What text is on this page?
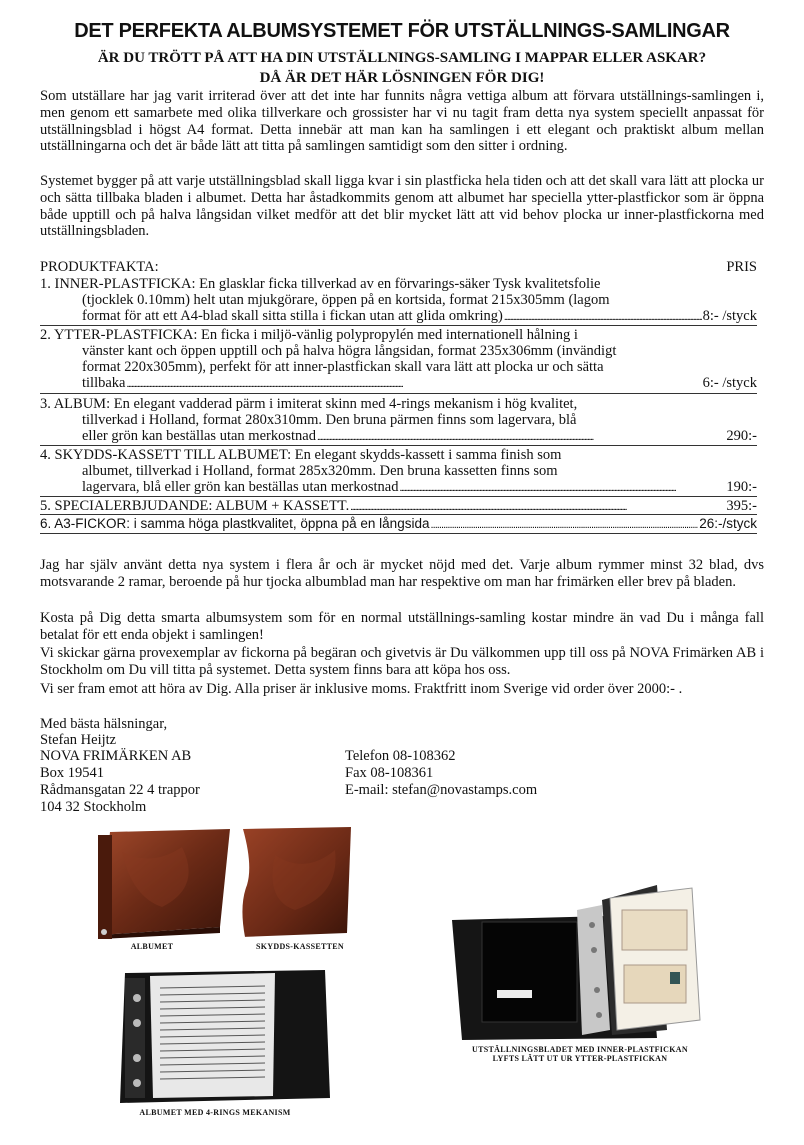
DET PERFEKTA ALBUMSYSTEMET FÖR UTSTÄLLNINGS-SAMLINGAR
ÄR DU TRÖTT PÅ ATT HA DIN UTSTÄLLNINGS-SAMLING I MAPPAR ELLER ASKAR?
DÅ ÄR DET HÄR LÖSNINGEN FÖR DIG!
Som utställare har jag varit irriterad över att det inte har funnits några vettiga album att förvara utställnings-samlingen i, men genom ett samarbete med olika tillverkare och grossister har vi nu tagit fram detta nya system speciellt anpassat för utställningsblad i högst A4 format. Detta innebär att man kan ha samlingen i ett elegant och praktiskt album mellan utställningarna och det är både lätt att titta på samlingen samtidigt som den sitter i ordning.
Systemet bygger på att varje utställningsblad skall ligga kvar i sin plastficka hela tiden och att det skall vara lätt att plocka ur och sätta tillbaka bladen i albumet. Detta har åstadkommits genom att albumet har speciella ytter-plastfickor som är öppna både upptill och på halva långsidan vilket medför att det blir mycket lätt att vid behov plocka ur inner-plastfickorna med utställningsbladen.
PRODUKTFAKTA:	PRIS
1. INNER-PLASTFICKA: En glasklar ficka tillverkad av en förvarings-säker Tysk kvalitetsfolie
(tjocklek 0.10mm) helt utan mjukgörare, öppen på en kortsida, format 215x305mm (lagom
format för att ett A4-blad skall sitta stilla i fickan utan att glida omkring) . . .	8:- /styck
2. YTTER-PLASTFICKA: En ficka i miljö-vänlig polypropylén med internationell hålning i
vänster kant och öppen upptill och på halva högra långsidan, format 235x306mm (invändigt
format 220x305mm), perfekt för att inner-plastfickan skall vara lätt att plocka ur och sätta
tillbaka . . .	6:- /styck
3. ALBUM: En elegant vadderad pärm i imiterat skinn med 4-rings mekanism i hög kvalitet,
tillverkad i Holland, format 280x310mm. Den bruna pärmen finns som lagervara, blå
eller grön kan beställas utan merkostnad . . .	290:-
4. SKYDDS-KASSETT TILL ALBUMET: En elegant skydds-kassett i samma finish som
albumet, tillverkad i Holland, format 285x320mm. Den bruna kassetten finns som
lagervara, blå eller grön kan beställas utan merkostnad . . .	190:-
5. SPECIALERBJUDANDE: ALBUM + KASSETT. . . .	395:-
6. A3-FICKOR: i samma höga plastkvalitet, öppna på en långsida . . .	26:-/styck
Jag har själv använt detta nya system i flera år och är mycket nöjd med det. Varje album rymmer minst 32 blad, dvs motsvarande 2 ramar, beroende på hur tjocka albumblad man har respektive om man har frimärken eller brev på bladen.
Kosta på Dig detta smarta albumsystem som för en normal utställnings-samling kostar mindre än vad Du i många fall betalat för ett enda objekt i samlingen!
Vi skickar gärna provexemplar av fickorna på begäran och givetvis är Du välkommen upp till oss på NOVA Frimärken AB i Stockholm om Du vill titta på systemet. Detta system finns bara att köpa hos oss.
Vi ser fram emot att höra av Dig. Alla priser är inklusive moms. Fraktfritt inom Sverige vid order över 2000:- .
Med bästa hälsningar,
Stefan Heijtz
NOVA FRIMÄRKEN AB
Box 19541
Rådmansgatan 22 4 trappor
104 32 Stockholm
Telefon 08-108362
Fax 08-108361
E-mail: stefan@novastamps.com
ALBUMET	SKYDDS-KASSETTEN
ALBUMET MED 4-RINGS MEKANISM
UTSTÄLLNINGSBLADET MED INNER-PLASTFICKAN
LYFTS LÄTT UT UR YTTER-PLASTFICKAN
